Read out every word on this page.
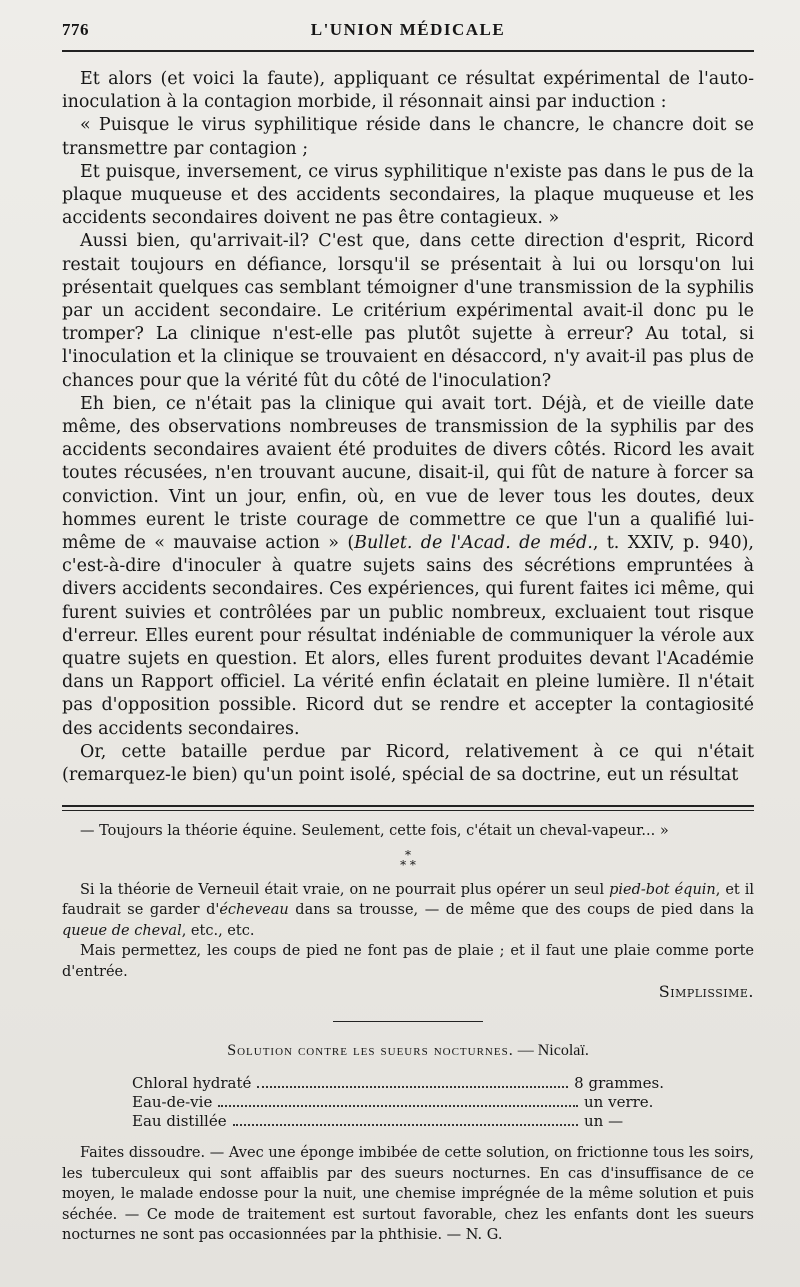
776	L'UNION MÉDICALE

Et alors (et voici la faute), appliquant ce résultat expérimental de l'auto-inoculation à la contagion morbide, il résonnait ainsi par induction :

« Puisque le virus syphilitique réside dans le chancre, le chancre doit se transmettre par contagion ;

Et puisque, inversement, ce virus syphilitique n'existe pas dans le pus de la plaque muqueuse et des accidents secondaires, la plaque muqueuse et les accidents secondaires doivent ne pas être contagieux. »

Aussi bien, qu'arrivait-il? C'est que, dans cette direction d'esprit, Ricord restait toujours en défiance, lorsqu'il se présentait à lui ou lorsqu'on lui présentait quelques cas semblant témoigner d'une transmission de la syphilis par un accident secondaire. Le critérium expérimental avait-il donc pu le tromper? La clinique n'est-elle pas plutôt sujette à erreur? Au total, si l'inoculation et la clinique se trouvaient en désaccord, n'y avait-il pas plus de chances pour que la vérité fût du côté de l'inoculation?

Eh bien, ce n'était pas la clinique qui avait tort. Déjà, et de vieille date même, des observations nombreuses de transmission de la syphilis par des accidents secondaires avaient été produites de divers côtés. Ricord les avait toutes récusées, n'en trouvant aucune, disait-il, qui fût de nature à forcer sa conviction. Vint un jour, enfin, où, en vue de lever tous les doutes, deux hommes eurent le triste courage de commettre ce que l'un a qualifié lui-même de « mauvaise action » (Bullet. de l'Acad. de méd., t. XXIV, p. 940), c'est-à-dire d'inoculer à quatre sujets sains des sécrétions empruntées à divers accidents secondaires. Ces expériences, qui furent faites ici même, qui furent suivies et contrôlées par un public nombreux, excluaient tout risque d'erreur. Elles eurent pour résultat indéniable de communiquer la vérole aux quatre sujets en question. Et alors, elles furent produites devant l'Académie dans un Rapport officiel. La vérité enfin éclatait en pleine lumière. Il n'était pas d'opposition possible. Ricord dut se rendre et accepter la contagiosité des accidents secondaires.

Or, cette bataille perdue par Ricord, relativement à ce qui n'était (remarquez-le bien) qu'un point isolé, spécial de sa doctrine, eut un résultat

— Toujours la théorie équine. Seulement, cette fois, c'était un cheval-vapeur... »

*
* *

Si la théorie de Verneuil était vraie, on ne pourrait plus opérer un seul pied-bot équin, et il faudrait se garder d'écheveau dans sa trousse, — de même que des coups de pied dans la queue de cheval, etc., etc.

Mais permettez, les coups de pied ne font pas de plaie ; et il faut une plaie comme porte d'entrée.

Simplissime.
Solution contre les sueurs nocturnes. — Nicolaï.
Chloral hydraté	8 grammes.
Eau-de-vie	un verre.
Eau distillée	un —

Faites dissoudre. — Avec une éponge imbibée de cette solution, on frictionne tous les soirs, les tuberculeux qui sont affaiblis par des sueurs nocturnes. En cas d'insuffisance de ce moyen, le malade endosse pour la nuit, une chemise imprégnée de la même solution et puis séchée. — Ce mode de traitement est surtout favorable, chez les enfants dont les sueurs nocturnes ne sont pas occasionnées par la phthisie. — N. G.
